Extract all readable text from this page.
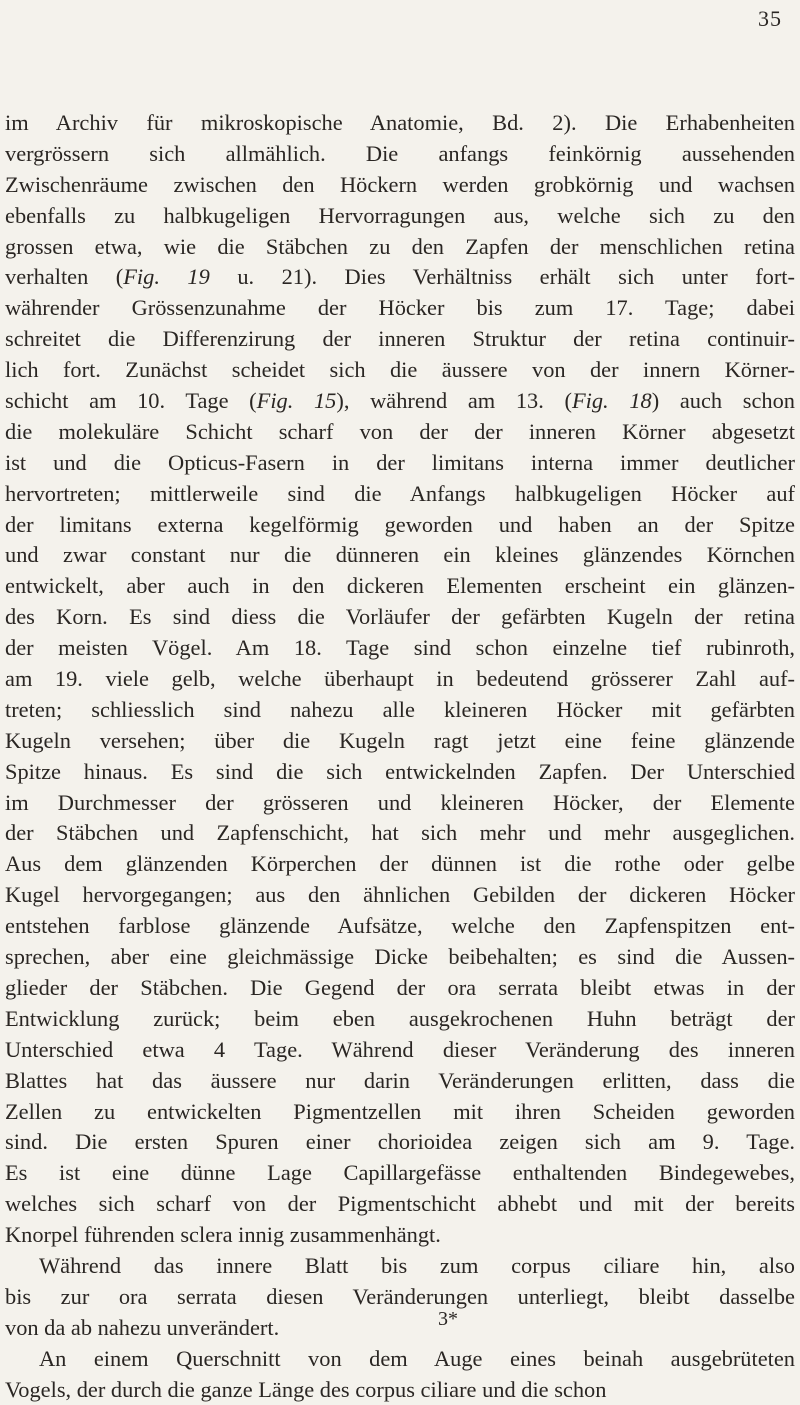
35
im Archiv für mikroskopische Anatomie, Bd. 2). Die Erhabenheiten
vergrössern sich allmählich. Die anfangs feinkörnig aussehenden
Zwischenräume zwischen den Höckern werden grobkörnig und wachsen
ebenfalls zu halbkugeligen Hervorragungen aus, welche sich zu den
grossen etwa, wie die Stäbchen zu den Zapfen der menschlichen retina
verhalten (Fig. 19 u. 21). Dies Verhältniss erhält sich unter fort-
währender Grössenzunahme der Höcker bis zum 17. Tage; dabei
schreitet die Differenzirung der inneren Struktur der retina continuir-
lich fort. Zunächst scheidet sich die äussere von der innern Körner-
schicht am 10. Tage (Fig. 15), während am 13. (Fig. 18) auch schon
die molekuläre Schicht scharf von der der inneren Körner abgesetzt
ist und die Opticus-Fasern in der limitans interna immer deutlicher
hervortreten; mittlerweile sind die Anfangs halbkugeligen Höcker auf
der limitans externa kegelförmig geworden und haben an der Spitze
und zwar constant nur die dünneren ein kleines glänzendes Körnchen
entwickelt, aber auch in den dickeren Elementen erscheint ein glänzen-
des Korn. Es sind diess die Vorläufer der gefärbten Kugeln der retina
der meisten Vögel. Am 18. Tage sind schon einzelne tief rubinroth,
am 19. viele gelb, welche überhaupt in bedeutend grösserer Zahl auf-
treten; schliesslich sind nahezu alle kleineren Höcker mit gefärbten
Kugeln versehen; über die Kugeln ragt jetzt eine feine glänzende
Spitze hinaus. Es sind die sich entwickelnden Zapfen. Der Unterschied
im Durchmesser der grösseren und kleineren Höcker, der Elemente
der Stäbchen und Zapfenschicht, hat sich mehr und mehr ausgeglichen.
Aus dem glänzenden Körperchen der dünnen ist die rothe oder gelbe
Kugel hervorgegangen; aus den ähnlichen Gebilden der dickeren Höcker
entstehen farblose glänzende Aufsätze, welche den Zapfenspitzen ent-
sprechen, aber eine gleichmässige Dicke beibehalten; es sind die Aussen-
glieder der Stäbchen. Die Gegend der ora serrata bleibt etwas in der
Entwicklung zurück; beim eben ausgekrochenen Huhn beträgt der
Unterschied etwa 4 Tage. Während dieser Veränderung des inneren
Blattes hat das äussere nur darin Veränderungen erlitten, dass die
Zellen zu entwickelten Pigmentzellen mit ihren Scheiden geworden
sind. Die ersten Spuren einer chorioidea zeigen sich am 9. Tage.
Es ist eine dünne Lage Capillargefässe enthaltenden Bindegewebes,
welches sich scharf von der Pigmentschicht abhebt und mit der bereits
Knorpel führenden sclera innig zusammenhängt.
Während das innere Blatt bis zum corpus ciliare hin, also
bis zur ora serrata diesen Veränderungen unterliegt, bleibt dasselbe
von da ab nahezu unverändert.
An einem Querschnitt von dem Auge eines beinah ausgebrüteten
Vogels, der durch die ganze Länge des corpus ciliare und die schon
3*
